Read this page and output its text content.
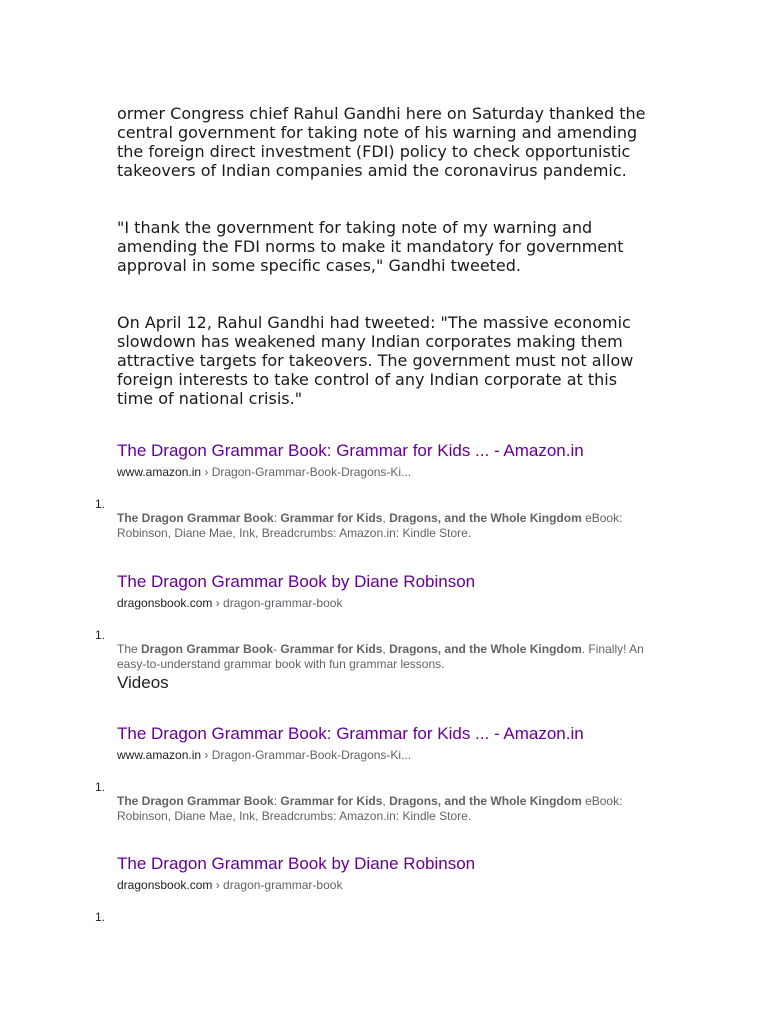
ormer Congress chief Rahul Gandhi here on Saturday thanked the central government for taking note of his warning and amending the foreign direct investment (FDI) policy to check opportunistic takeovers of Indian companies amid the coronavirus pandemic.

"I thank the government for taking note of my warning and amending the FDI norms to make it mandatory for government approval in some specific cases," Gandhi tweeted.

On April 12, Rahul Gandhi had tweeted: "The massive economic slowdown has weakened many Indian corporates making them attractive targets for takeovers. The government must not allow foreign interests to take control of any Indian corporate at this time of national crisis."

The Dragon Grammar Book: Grammar for Kids ... - Amazon.in
www.amazon.in › Dragon-Grammar-Book-Dragons-Ki...
1.
The Dragon Grammar Book: Grammar for Kids, Dragons, and the Whole Kingdom eBook: Robinson, Diane Mae, Ink, Breadcrumbs: Amazon.in: Kindle Store.
The Dragon Grammar Book by Diane Robinson
dragonsbook.com › dragon-grammar-book
1.
The Dragon Grammar Book- Grammar for Kids, Dragons, and the Whole Kingdom. Finally! An easy-to-understand grammar book with fun grammar lessons.
Videos
The Dragon Grammar Book: Grammar for Kids ... - Amazon.in
www.amazon.in › Dragon-Grammar-Book-Dragons-Ki...
1.
The Dragon Grammar Book: Grammar for Kids, Dragons, and the Whole Kingdom eBook: Robinson, Diane Mae, Ink, Breadcrumbs: Amazon.in: Kindle Store.
The Dragon Grammar Book by Diane Robinson
dragonsbook.com › dragon-grammar-book
1.
